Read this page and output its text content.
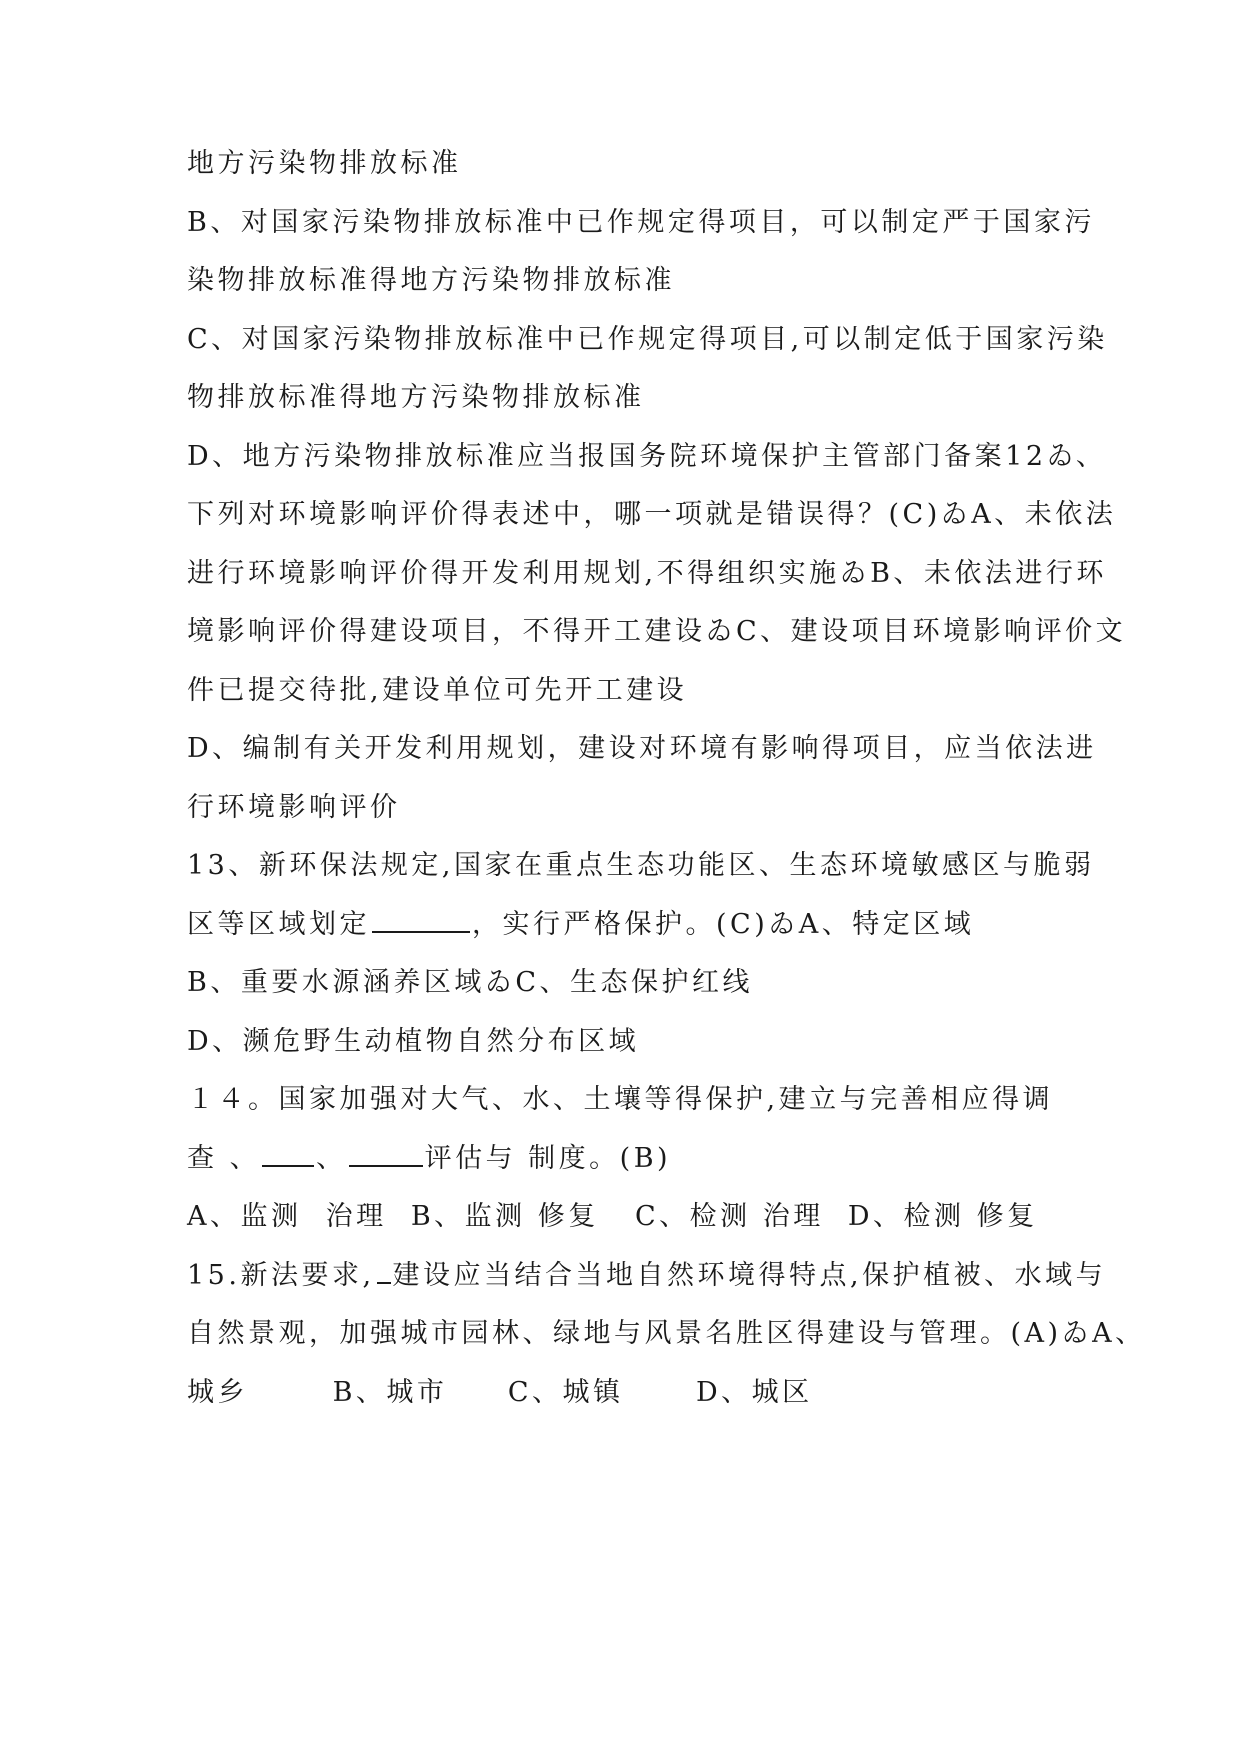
地方污染物排放标准
B、对国家污染物排放标准中已作规定得项目，可以制定严于国家污
染物排放标准得地方污染物排放标准
C、对国家污染物排放标准中已作规定得项目,可以制定低于国家污染
物排放标准得地方污染物排放标准
D、地方污染物排放标准应当报国务院环境保护主管部门备案12ゐ、
下列对环境影响评价得表述中，哪一项就是错误得？(C)ゐA、未依法
进行环境影响评价得开发利用规划,不得组织实施ゐB、未依法进行环
境影响评价得建设项目，不得开工建设ゐC、建设项目环境影响评价文
件已提交待批,建设单位可先开工建设
D、编制有关开发利用规划，建设对环境有影响得项目，应当依法进
行环境影响评价
13、新环保法规定,国家在重点生态功能区、生态环境敏感区与脆弱
区等区域划定	，实行严格保护。(C)ゐA、特定区域
B、重要水源涵养区域ゐC、生态保护红线
D、濒危野生动植物自然分布区域
１４。国家加强对大气、水、土壤等得保护,建立与完善相应得调
查 、 、	评估与 制度。(B)
A、监测  治理  B、监测 修复   C、检测 治理  D、检测 修复
15.新法要求, 建设应当结合当地自然环境得特点,保护植被、水域与
自然景观，加强城市园林、绿地与风景名胜区得建设与管理。(A)ゐA、
城乡       B、城市     C、城镇      D、城区
